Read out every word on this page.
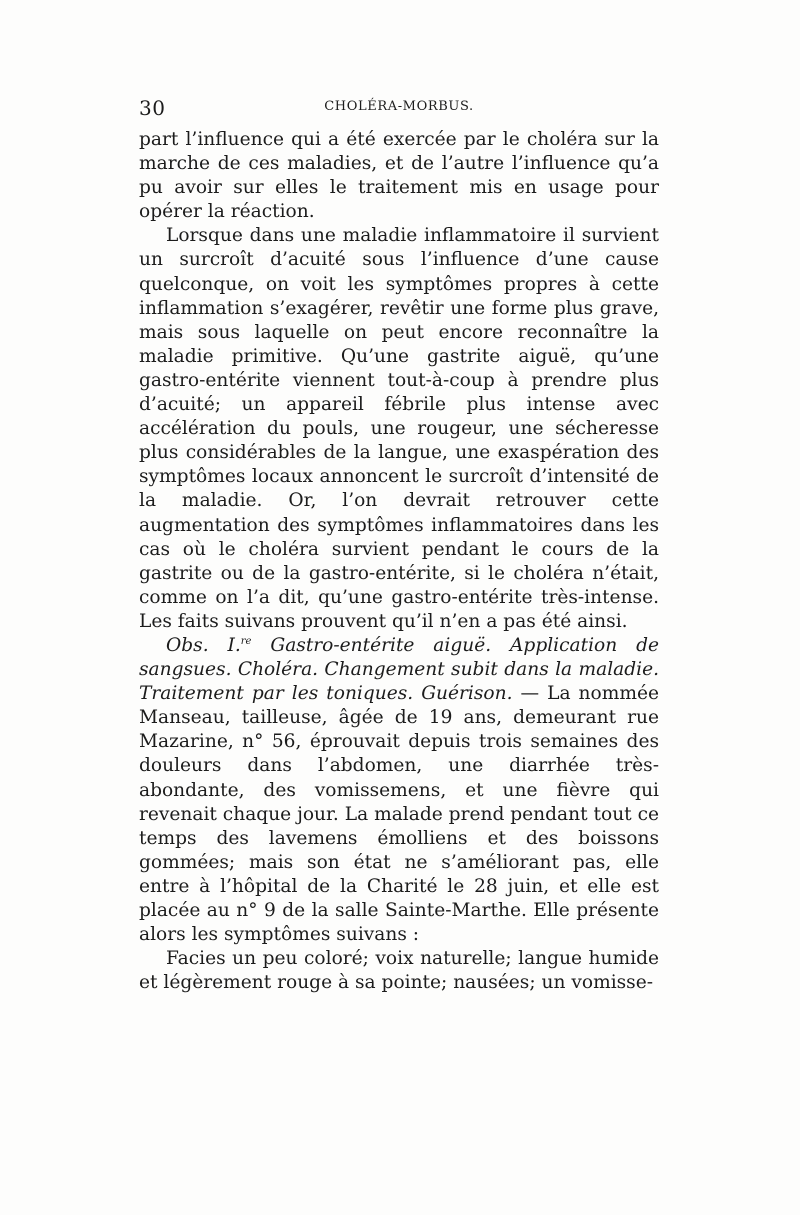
30	CHOLÉRA-MORBUS.

part l’influence qui a été exercée par le choléra sur la marche de ces maladies, et de l’autre l’influence qu’a pu avoir sur elles le traitement mis en usage pour opérer la réaction.

Lorsque dans une maladie inflammatoire il survient un surcroît d’acuité sous l’influence d’une cause quelconque, on voit les symptômes propres à cette inflammation s’exagérer, revêtir une forme plus grave, mais sous laquelle on peut encore reconnaître la maladie primitive. Qu’une gastrite aiguë, qu’une gastro-entérite viennent tout-à-coup à prendre plus d’acuité; un appareil fébrile plus intense avec accélération du pouls, une rougeur, une sécheresse plus considérables de la langue, une exaspération des symptômes locaux annoncent le surcroît d’intensité de la maladie. Or, l’on devrait retrouver cette augmentation des symptômes inflammatoires dans les cas où le choléra survient pendant le cours de la gastrite ou de la gastro-entérite, si le choléra n’était, comme on l’a dit, qu’une gastro-entérite très-intense. Les faits suivans prouvent qu’il n’en a pas été ainsi.

Obs. I.$^{re}$ Gastro-entérite aiguë. Application de sangsues. Choléra. Changement subit dans la maladie. Traitement par les toniques. Guérison. — La nommée Manseau, tailleuse, âgée de 19 ans, demeurant rue Mazarine, n° 56, éprouvait depuis trois semaines des douleurs dans l’abdomen, une diarrhée très-abondante, des vomissemens, et une fièvre qui revenait chaque jour. La malade prend pendant tout ce temps des lavemens émolliens et des boissons gommées; mais son état ne s’améliorant pas, elle entre à l’hôpital de la Charité le 28 juin, et elle est placée au n° 9 de la salle Sainte-Marthe. Elle présente alors les symptômes suivans :

Facies un peu coloré; voix naturelle; langue humide et légèrement rouge à sa pointe; nausées; un vomisse-
